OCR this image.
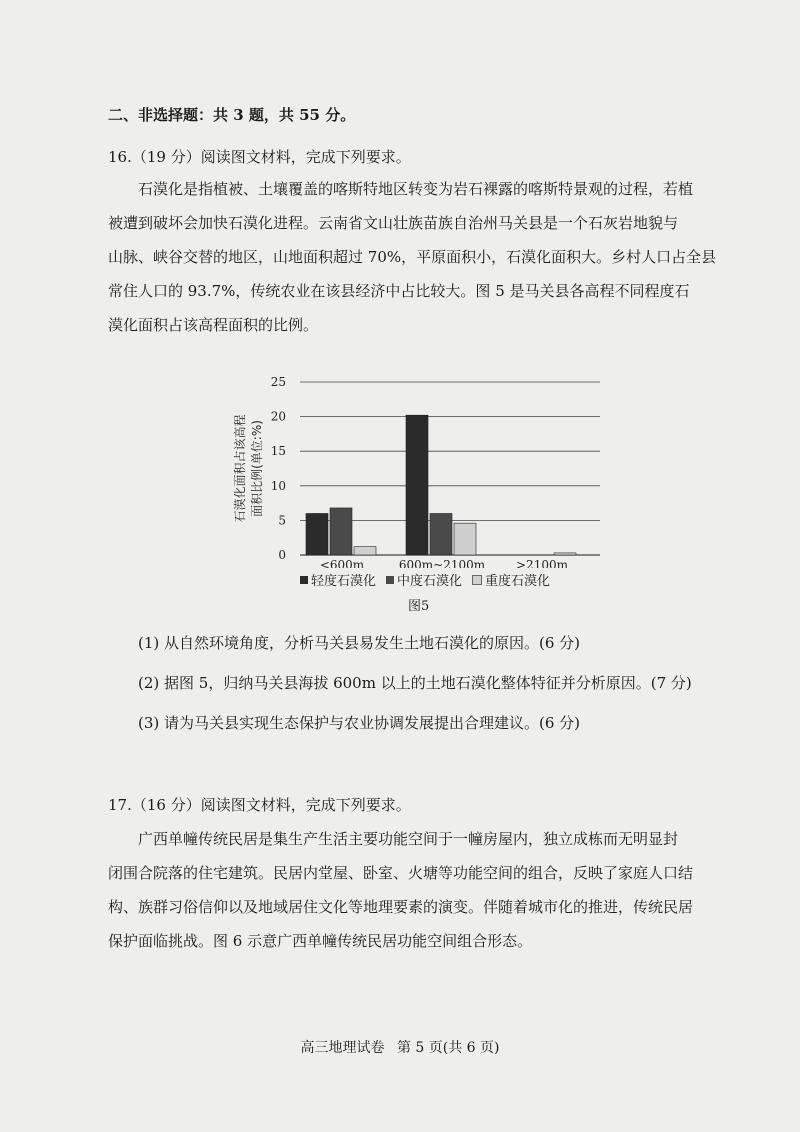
二、非选择题：共 3 题，共 55 分。
16.（19 分）阅读图文材料，完成下列要求。
石漠化是指植被、土壤覆盖的喀斯特地区转变为岩石裸露的喀斯特景观的过程，若植
被遭到破坏会加快石漠化进程。云南省文山壮族苗族自治州马关县是一个石灰岩地貌与
山脉、峡谷交替的地区，山地面积超过 70%，平原面积小，石漠化面积大。乡村人口占全县
常住人口的 93.7%，传统农业在该县经济中占比较大。图 5 是马关县各高程不同程度石
漠化面积占该高程面积的比例。
0
5
10
15
20
25
石漠化面积占该高程 面积比例(单位:%)
<600m	600m~2100m	>2100m
轻度石漠化 中度石漠化 重度石漠化
图5
(1) 从自然环境角度，分析马关县易发生土地石漠化的原因。(6 分)
(2) 据图 5，归纳马关县海拔 600m 以上的土地石漠化整体特征并分析原因。(7 分)
(3) 请为马关县实现生态保护与农业协调发展提出合理建议。(6 分)
17.（16 分）阅读图文材料，完成下列要求。
广西单幢传统民居是集生产生活主要功能空间于一幢房屋内，独立成栋而无明显封
闭围合院落的住宅建筑。民居内堂屋、卧室、火塘等功能空间的组合，反映了家庭人口结
构、族群习俗信仰以及地域居住文化等地理要素的演变。伴随着城市化的推进，传统民居
保护面临挑战。图 6 示意广西单幢传统民居功能空间组合形态。
高三地理试卷 第 5 页(共 6 页)
